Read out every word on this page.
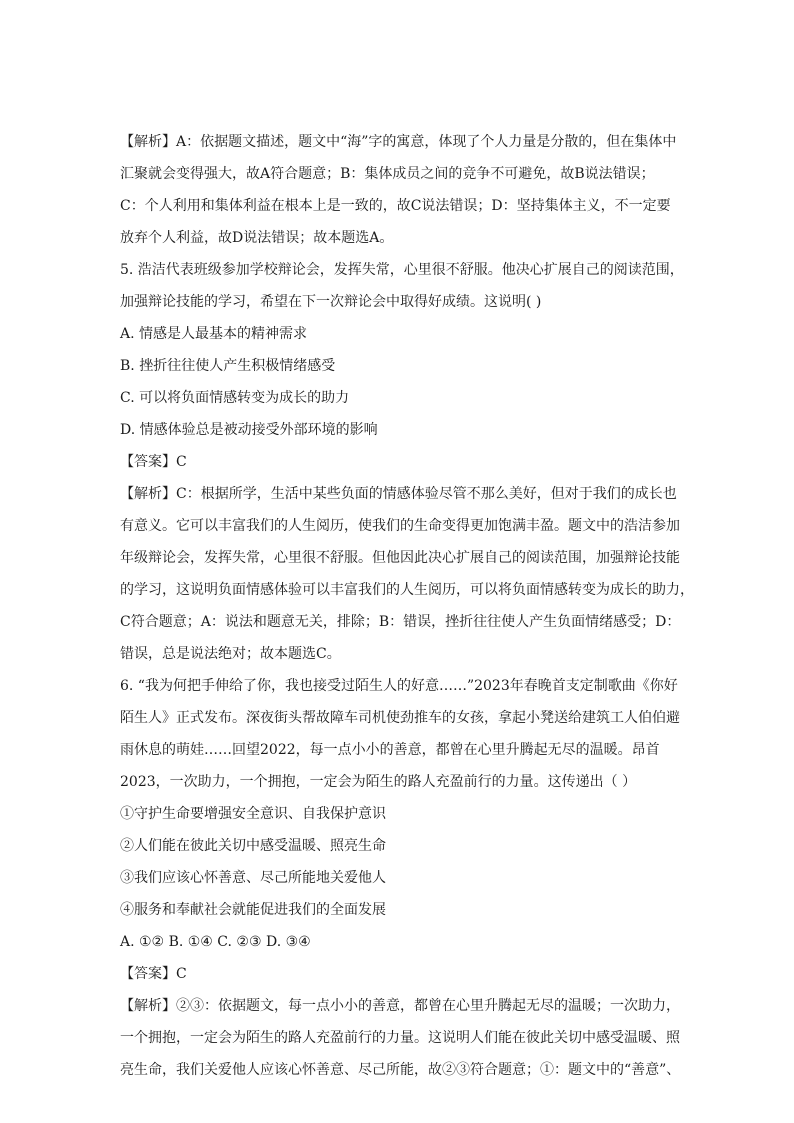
【解析】A：依据题文描述，题文中“海”字的寓意，体现了个人力量是分散的，但在集体中
汇聚就会变得强大，故A符合题意；B：集体成员之间的竞争不可避免，故B说法错误；
C：个人利用和集体利益在根本上是一致的，故C说法错误；D：坚持集体主义，不一定要
放弃个人利益，故D说法错误；故本题选A。
5. 浩洁代表班级参加学校辩论会，发挥失常，心里很不舒服。他决心扩展自己的阅读范围，
加强辩论技能的学习，希望在下一次辩论会中取得好成绩。这说明( )
A. 情感是人最基本的精神需求
B. 挫折往往使人产生积极情绪感受
C. 可以将负面情感转变为成长的助力
D. 情感体验总是被动接受外部环境的影响
【答案】C
【解析】C：根据所学，生活中某些负面的情感体验尽管不那么美好，但对于我们的成长也
有意义。它可以丰富我们的人生阅历，使我们的生命变得更加饱满丰盈。题文中的浩洁参加
年级辩论会，发挥失常，心里很不舒服。但他因此决心扩展自己的阅读范围，加强辩论技能
的学习，这说明负面情感体验可以丰富我们的人生阅历，可以将负面情感转变为成长的助力，
C符合题意；A：说法和题意无关，排除；B：错误，挫折往往使人产生负面情绪感受；D：
错误，总是说法绝对；故本题选C。
6. “我为何把手伸给了你，我也接受过陌生人的好意……”2023年春晚首支定制歌曲《你好
陌生人》正式发布。深夜街头帮故障车司机使劲推车的女孩，拿起小凳送给建筑工人伯伯避
雨休息的萌娃……回望2022，每一点小小的善意，都曾在心里升腾起无尽的温暖。昂首
2023，一次助力，一个拥抱，一定会为陌生的路人充盈前行的力量。这传递出（ ）
①守护生命要增强安全意识、自我保护意识
②人们能在彼此关切中感受温暖、照亮生命
③我们应该心怀善意、尽己所能地关爱他人
④服务和奉献社会就能促进我们的全面发展
A. ①② B. ①④ C. ②③ D. ③④
【答案】C
【解析】②③：依据题文，每一点小小的善意，都曾在心里升腾起无尽的温暖；一次助力，
一个拥抱，一定会为陌生的路人充盈前行的力量。这说明人们能在彼此关切中感受温暖、照
亮生命，我们关爱他人应该心怀善意、尽己所能，故②③符合题意；①：题文中的“善意”、
